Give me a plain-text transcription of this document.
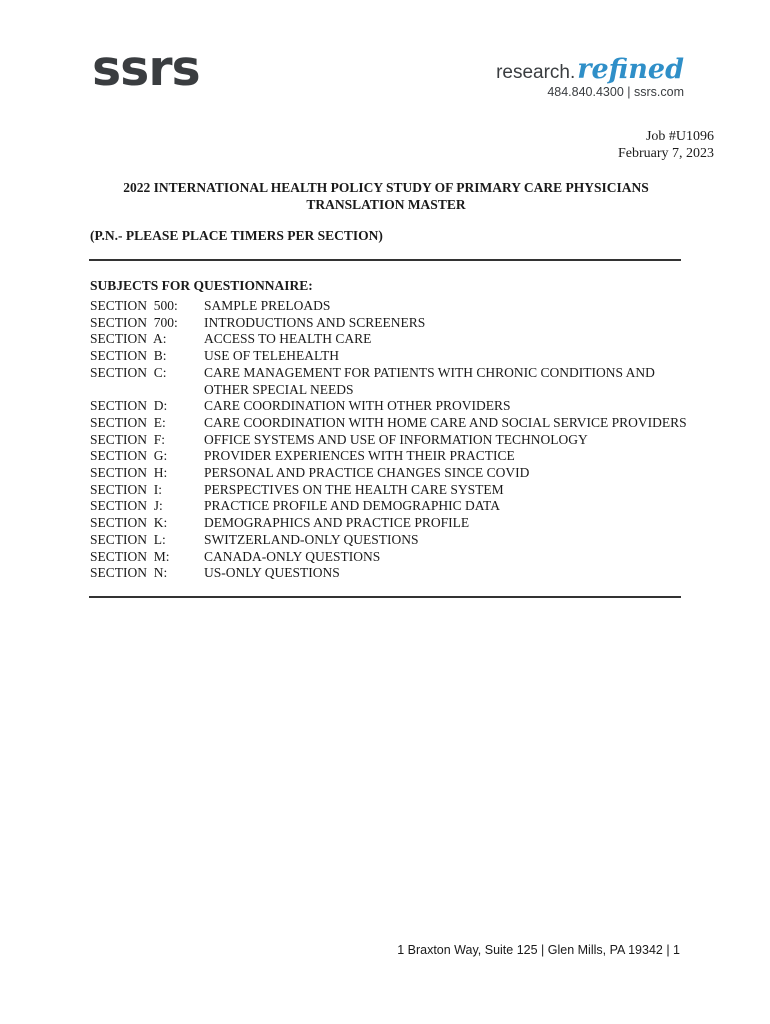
ssrs	research.refined
484.840.4300 | ssrs.com
Job #U1096
February 7, 2023
2022 INTERNATIONAL HEALTH POLICY STUDY OF PRIMARY CARE PHYSICIANS
TRANSLATION MASTER
(P.N.- PLEASE PLACE TIMERS PER SECTION)
SUBJECTS FOR QUESTIONNAIRE:
SECTION  500:	SAMPLE PRELOADS
SECTION  700:	INTRODUCTIONS AND SCREENERS
SECTION  A:	ACCESS TO HEALTH CARE
SECTION  B:	USE OF TELEHEALTH
SECTION  C:	CARE MANAGEMENT FOR PATIENTS WITH CHRONIC CONDITIONS AND OTHER SPECIAL NEEDS
SECTION  D:	CARE COORDINATION WITH OTHER PROVIDERS
SECTION  E:	CARE COORDINATION WITH HOME CARE AND SOCIAL SERVICE PROVIDERS
SECTION  F:	OFFICE SYSTEMS AND USE OF INFORMATION TECHNOLOGY
SECTION  G:	PROVIDER EXPERIENCES WITH THEIR PRACTICE
SECTION  H:	PERSONAL AND PRACTICE CHANGES SINCE COVID
SECTION  I:	PERSPECTIVES ON THE HEALTH CARE SYSTEM
SECTION  J:	PRACTICE PROFILE AND DEMOGRAPHIC DATA
SECTION  K:	DEMOGRAPHICS AND PRACTICE PROFILE
SECTION  L:	SWITZERLAND-ONLY QUESTIONS
SECTION  M:	CANADA-ONLY QUESTIONS
SECTION  N:	US-ONLY QUESTIONS
1 Braxton Way, Suite 125 | Glen Mills, PA 19342 | 1
